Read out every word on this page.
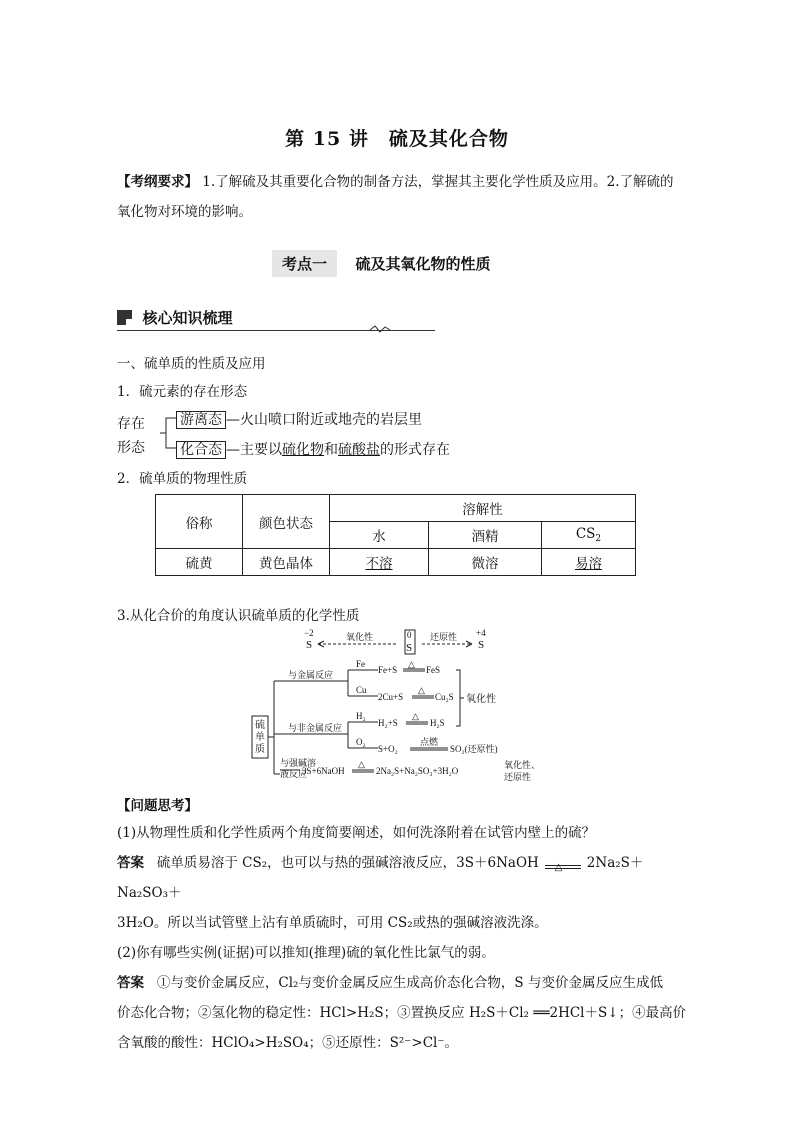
第 15 讲　硫及其化合物
【考纲要求】 1.了解硫及其重要化合物的制备方法，掌握其主要化学性质及应用。2.了解硫的
氧化物对环境的影响。
考点一 硫及其氧化物的性质
核心知识梳理
一、硫单质的性质及应用
1．硫元素的存在形态
存在
形态
游离态 —火山喷口附近或地壳的岩层里
化合态 —主要以硫化物和硫酸盐的形式存在
2．硫单质的物理性质
俗称	颜色状态	溶解性		
		水	酒精	$CS_2$
硫黄	黄色晶体	不溶	微溶	易溶
3.从化合价的角度认识硫单质的化学性质
−2
S
氧化性	0
S
还原性 +4
S
硫
单
质
与金属反应
与非金属反应
与强碱溶
液反应
Fe
Cu
Fe+S
△
FeS
2Cu+S
△
Cu₂S
H₂
O₂
H₂+S
△
H₂S
S+O₂
点燃
SO₂(还原性)
氧化性
3S+6NaOH
△
2Na₂S+Na₂SO₃+3H₂O
氧化性、
还原性
【问题思考】
(1)从物理性质和化学性质两个角度简要阐述，如何洗涤附着在试管内壁上的硫？
答案 硫单质易溶于 CS₂，也可以与热的强碱溶液反应，3S＋6NaOH △ 2Na₂S＋Na₂SO₃＋
3H₂O。所以当试管壁上沾有单质硫时，可用 CS₂或热的强碱溶液洗涤。
(2)你有哪些实例(证据)可以推知(推理)硫的氧化性比氯气的弱。
答案 ①与变价金属反应，Cl₂与变价金属反应生成高价态化合物，S 与变价金属反应生成低
价态化合物；②氢化物的稳定性：HCl>H₂S；③置换反应 H₂S＋Cl₂ ══2HCl＋S↓；④最高价
含氧酸的酸性：HClO₄>H₂SO₄；⑤还原性：S²⁻>Cl⁻。
